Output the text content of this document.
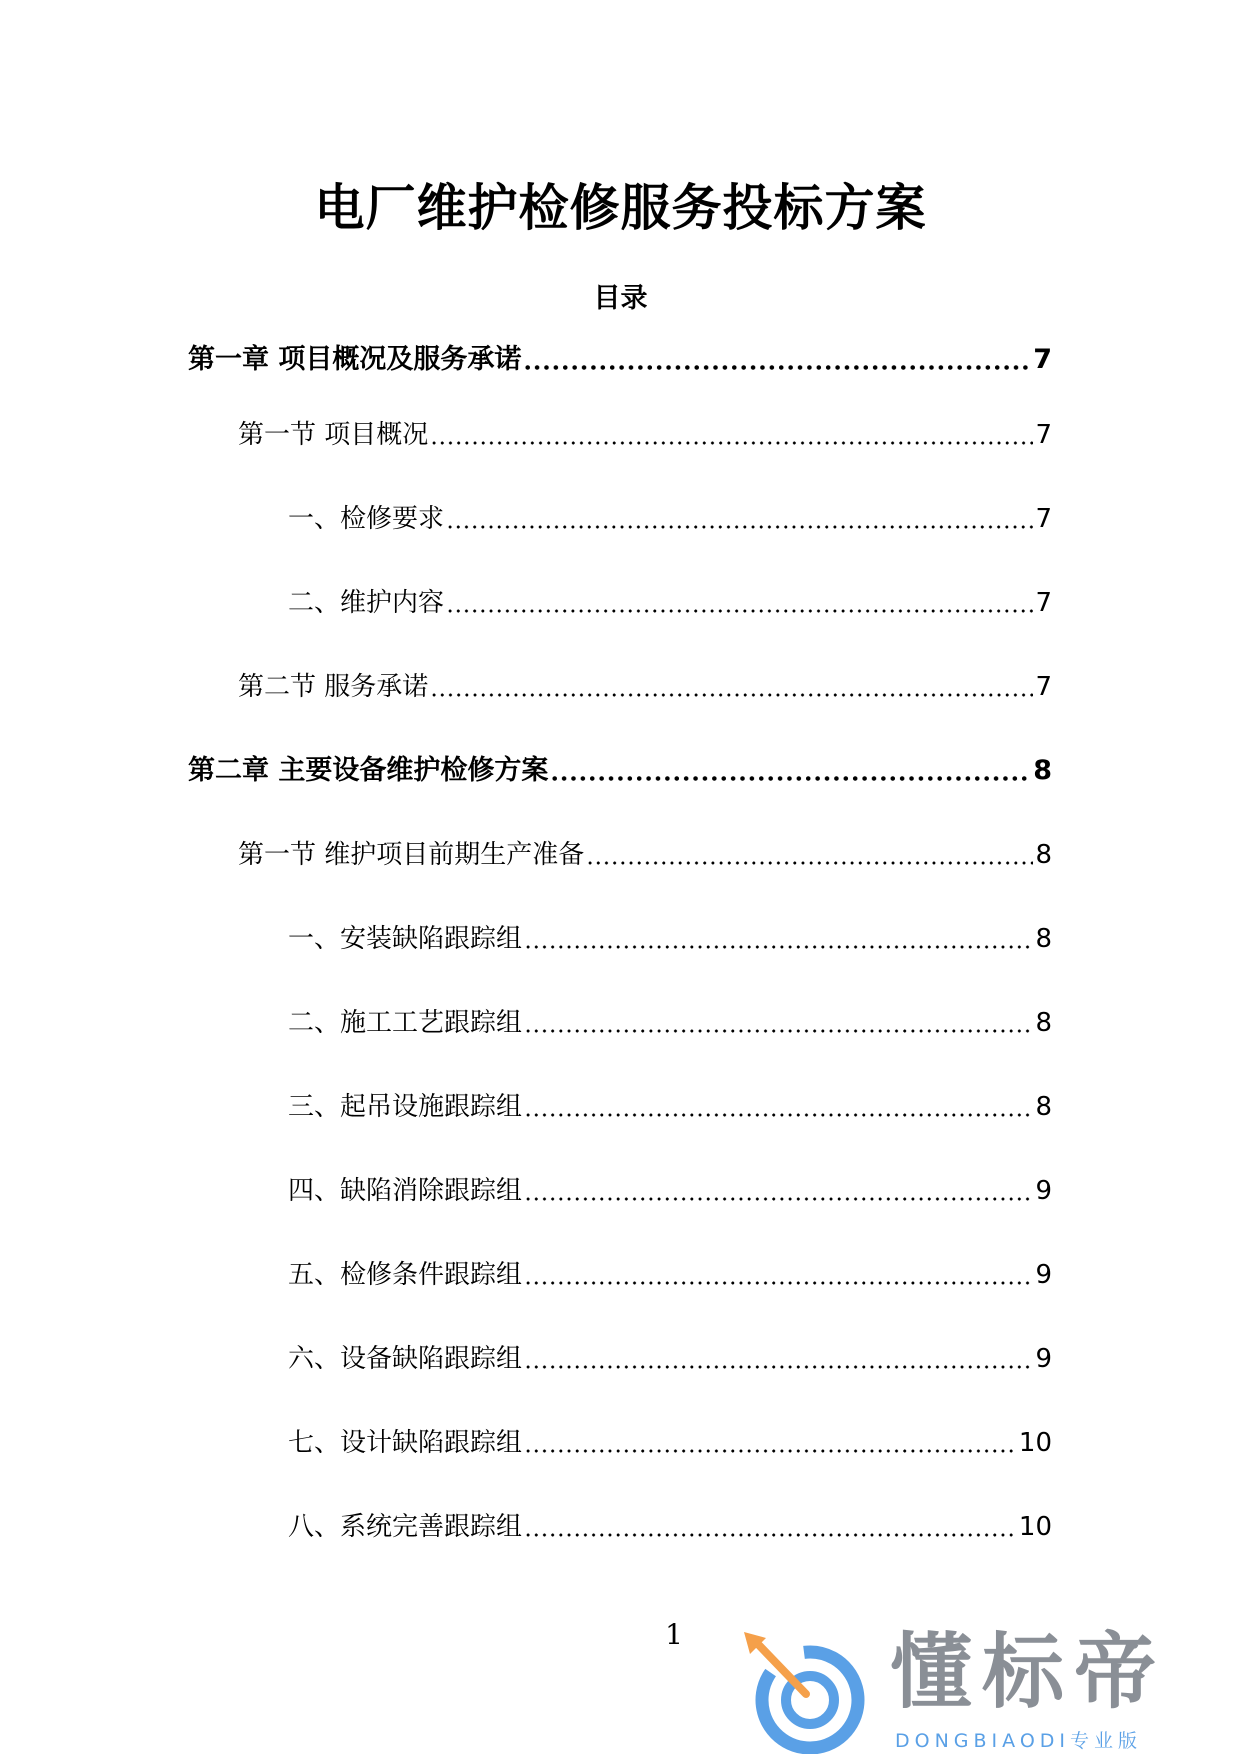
电厂维护检修服务投标方案
目录
第一章 项目概况及服务承诺	7
第一节 项目概况	7
一、检修要求	7
二、维护内容	7
第二节 服务承诺	7
第二章 主要设备维护检修方案	8
第一节 维护项目前期生产准备	8
一、安装缺陷跟踪组	8
二、施工工艺跟踪组	8
三、起吊设施跟踪组	8
四、缺陷消除跟踪组	9
五、检修条件跟踪组	9
六、设备缺陷跟踪组	9
七、设计缺陷跟踪组	10
八、系统完善跟踪组	10
1	懂标帝
DONGBIAODI专业版
